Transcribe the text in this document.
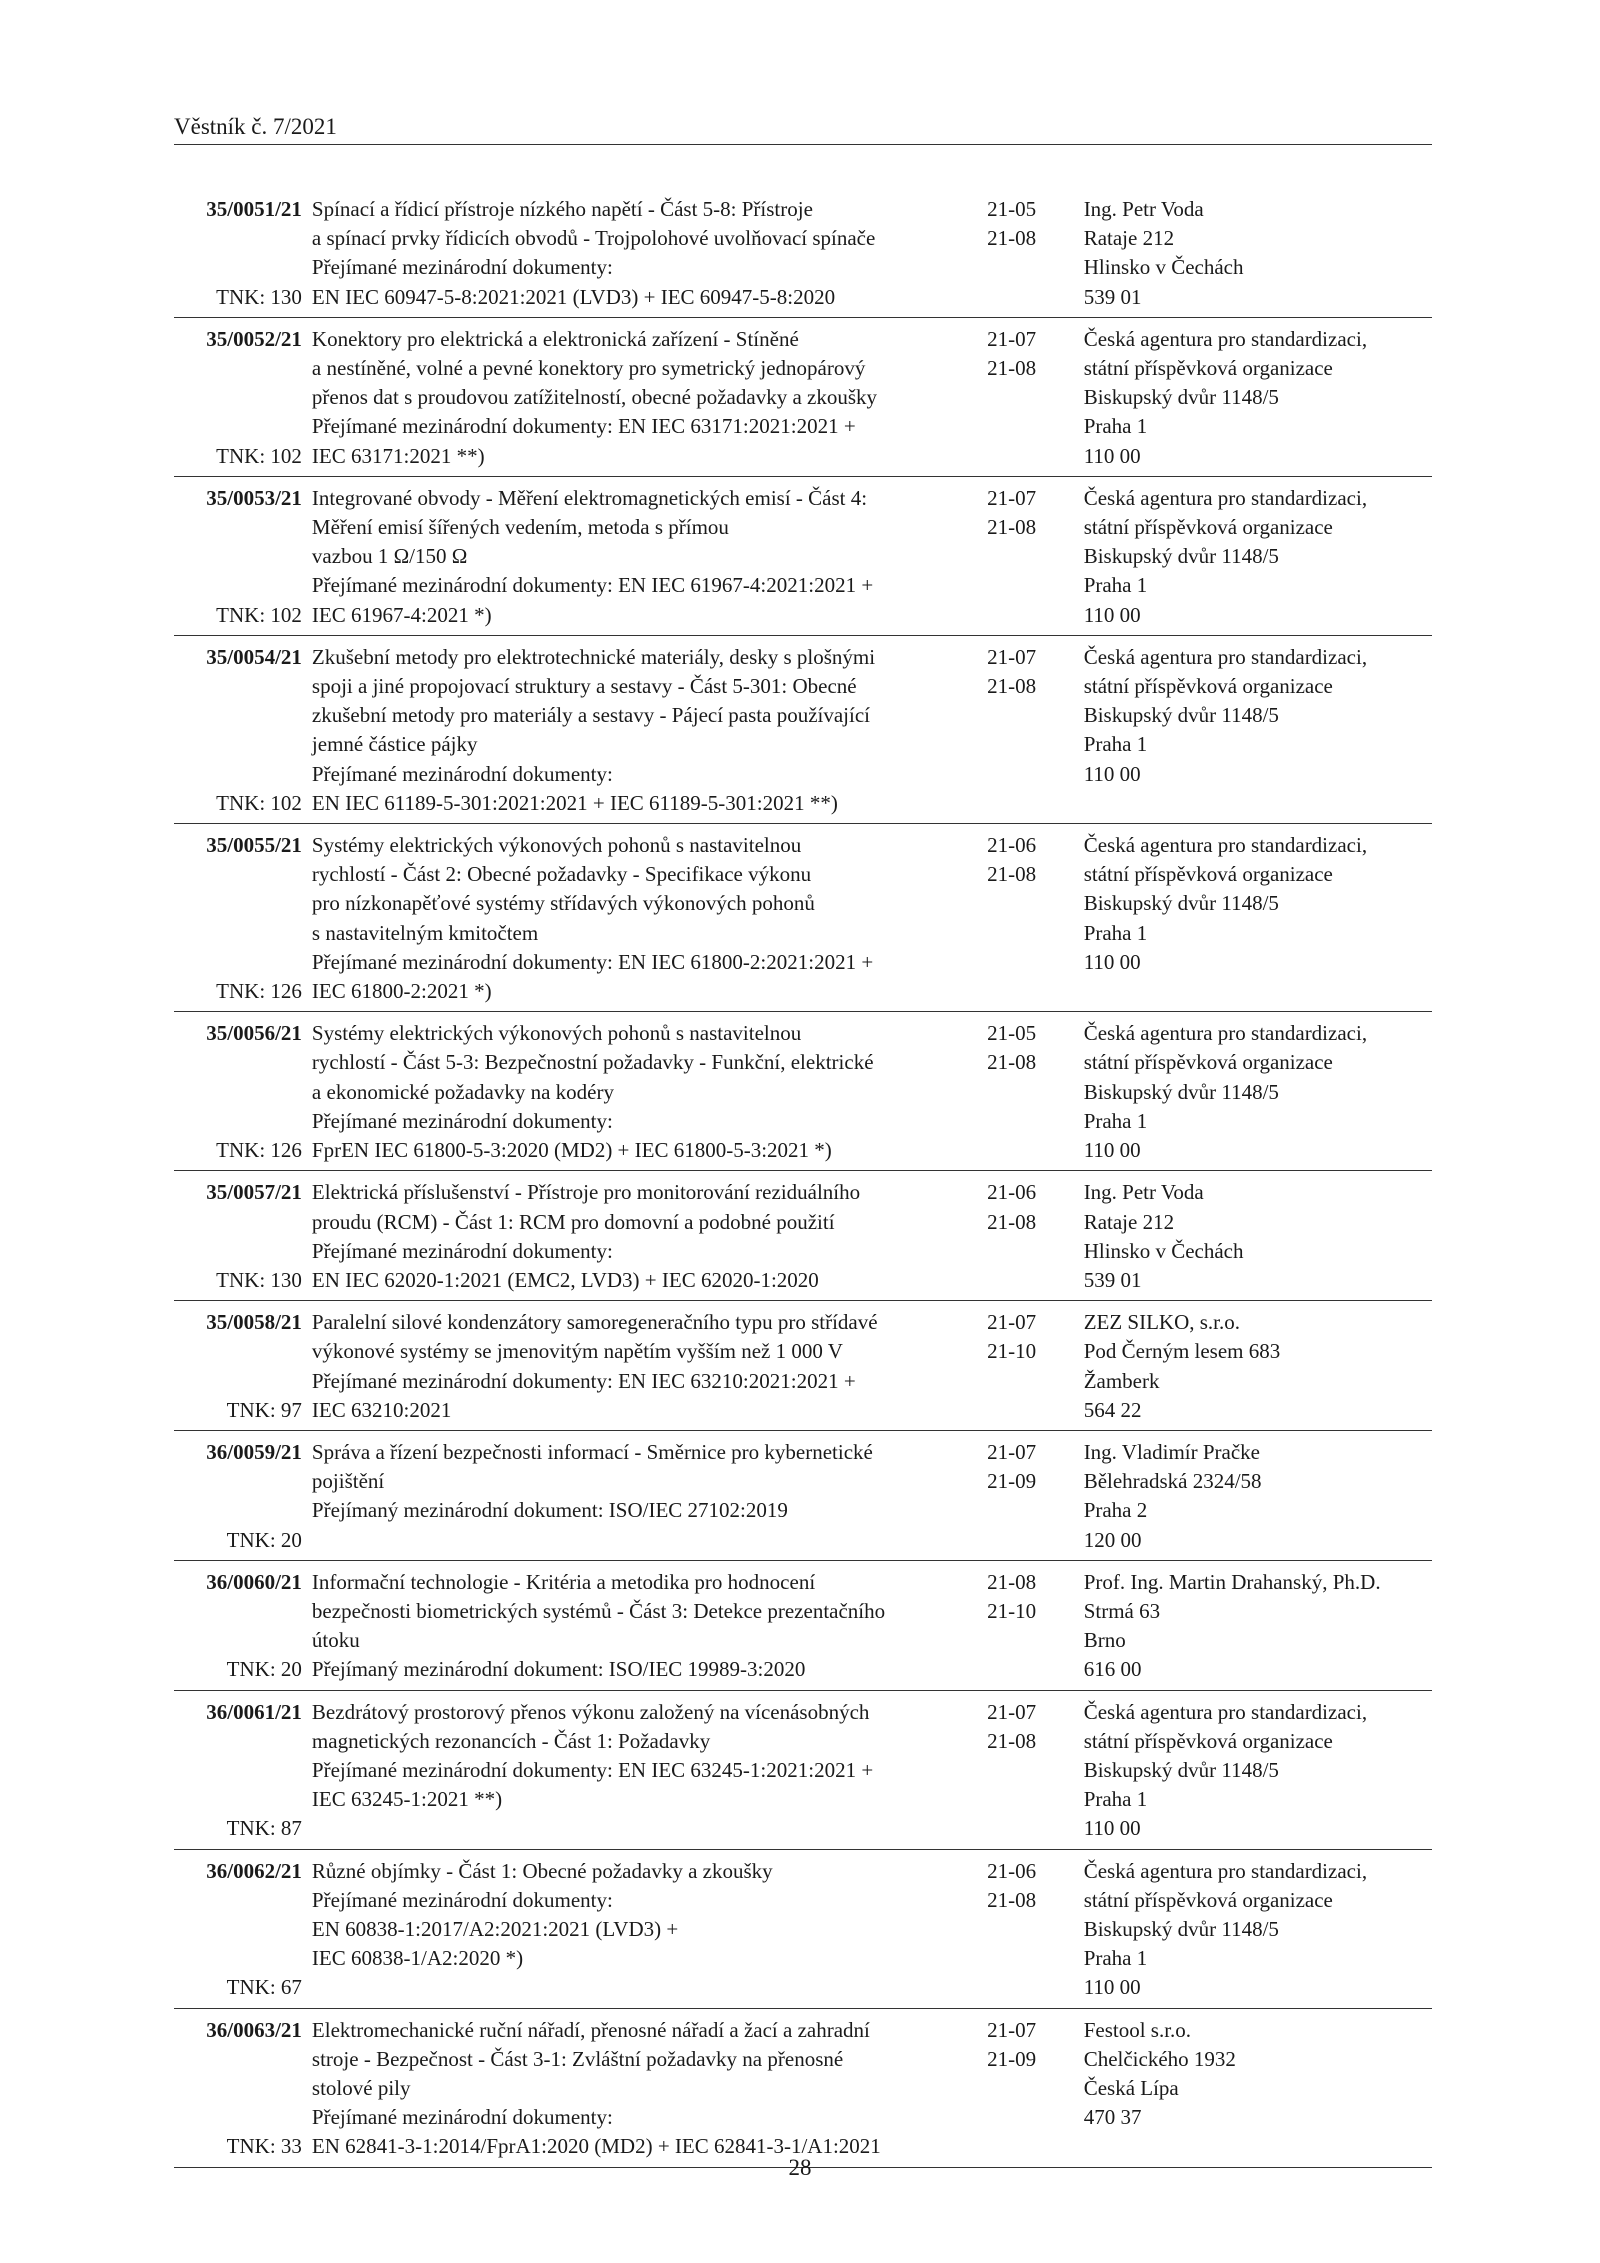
Věstník č. 7/2021
35/0051/21
TNK: 130
Spínací a řídicí přístroje nízkého napětí - Část 5-8: Přístroje
a spínací prvky řídicích obvodů - Trojpolohové uvolňovací spínače
Přejímané mezinárodní dokumenty:
EN IEC 60947-5-8:2021:2021 (LVD3) + IEC 60947-5-8:2020
21-05
21-08
Ing. Petr Voda
Rataje 212
Hlinsko v Čechách
539 01
35/0052/21
TNK: 102
Konektory pro elektrická a elektronická zařízení - Stíněné
a nestíněné, volné a pevné konektory pro symetrický jednopárový
přenos dat s proudovou zatížitelností, obecné požadavky a zkoušky
Přejímané mezinárodní dokumenty: EN IEC 63171:2021:2021 +
IEC 63171:2021 **)
21-07
21-08
Česká agentura pro standardizaci,
státní příspěvková organizace
Biskupský dvůr 1148/5
Praha 1
110 00
35/0053/21
TNK: 102
Integrované obvody - Měření elektromagnetických emisí - Část 4:
Měření emisí šířených vedením, metoda s přímou
vazbou 1 Ω/150 Ω
Přejímané mezinárodní dokumenty: EN IEC 61967-4:2021:2021 +
IEC 61967-4:2021 *)
21-07
21-08
Česká agentura pro standardizaci,
státní příspěvková organizace
Biskupský dvůr 1148/5
Praha 1
110 00
35/0054/21
TNK: 102
Zkušební metody pro elektrotechnické materiály, desky s plošnými
spoji a jiné propojovací struktury a sestavy - Část 5-301: Obecné
zkušební metody pro materiály a sestavy - Pájecí pasta používající
jemné částice pájky
Přejímané mezinárodní dokumenty:
EN IEC 61189-5-301:2021:2021 + IEC 61189-5-301:2021 **)
21-07
21-08
Česká agentura pro standardizaci,
státní příspěvková organizace
Biskupský dvůr 1148/5
Praha 1
110 00
35/0055/21
TNK: 126
Systémy elektrických výkonových pohonů s nastavitelnou
rychlostí - Část 2: Obecné požadavky - Specifikace výkonu
pro nízkonapěťové systémy střídavých výkonových pohonů
s nastavitelným kmitočtem
Přejímané mezinárodní dokumenty: EN IEC 61800-2:2021:2021 +
IEC 61800-2:2021 *)
21-06
21-08
Česká agentura pro standardizaci,
státní příspěvková organizace
Biskupský dvůr 1148/5
Praha 1
110 00
35/0056/21
TNK: 126
Systémy elektrických výkonových pohonů s nastavitelnou
rychlostí - Část 5-3: Bezpečnostní požadavky - Funkční, elektrické
a ekonomické požadavky na kodéry
Přejímané mezinárodní dokumenty:
FprEN IEC 61800-5-3:2020 (MD2) + IEC 61800-5-3:2021 *)
21-05
21-08
Česká agentura pro standardizaci,
státní příspěvková organizace
Biskupský dvůr 1148/5
Praha 1
110 00
35/0057/21
TNK: 130
Elektrická příslušenství - Přístroje pro monitorování reziduálního
proudu (RCM) - Část 1: RCM pro domovní a podobné použití
Přejímané mezinárodní dokumenty:
EN IEC 62020-1:2021 (EMC2, LVD3) + IEC 62020-1:2020
21-06
21-08
Ing. Petr Voda
Rataje 212
Hlinsko v Čechách
539 01
35/0058/21
TNK: 97
Paralelní silové kondenzátory samoregeneračního typu pro střídavé
výkonové systémy se jmenovitým napětím vyšším než 1 000 V
Přejímané mezinárodní dokumenty: EN IEC 63210:2021:2021 +
IEC 63210:2021
21-07
21-10
ZEZ SILKO, s.r.o.
Pod Černým lesem 683
Žamberk
564 22
36/0059/21
TNK: 20
Správa a řízení bezpečnosti informací - Směrnice pro kybernetické
pojištění
Přejímaný mezinárodní dokument: ISO/IEC 27102:2019
21-07
21-09
Ing. Vladimír Pračke
Bělehradská 2324/58
Praha 2
120 00
36/0060/21
TNK: 20
Informační technologie - Kritéria a metodika pro hodnocení
bezpečnosti biometrických systémů - Část 3: Detekce prezentačního
útoku
Přejímaný mezinárodní dokument: ISO/IEC 19989-3:2020
21-08
21-10
Prof. Ing. Martin Drahanský, Ph.D.
Strmá 63
Brno
616 00
36/0061/21
TNK: 87
Bezdrátový prostorový přenos výkonu založený na vícenásobných
magnetických rezonancích - Část 1: Požadavky
Přejímané mezinárodní dokumenty: EN IEC 63245-1:2021:2021 +
IEC 63245-1:2021 **)
21-07
21-08
Česká agentura pro standardizaci,
státní příspěvková organizace
Biskupský dvůr 1148/5
Praha 1
110 00
36/0062/21
TNK: 67
Různé objímky - Část 1: Obecné požadavky a zkoušky
Přejímané mezinárodní dokumenty:
EN 60838-1:2017/A2:2021:2021 (LVD3) +
IEC 60838-1/A2:2020 *)
21-06
21-08
Česká agentura pro standardizaci,
státní příspěvková organizace
Biskupský dvůr 1148/5
Praha 1
110 00
36/0063/21
TNK: 33
Elektromechanické ruční nářadí, přenosné nářadí a žací a zahradní
stroje - Bezpečnost - Část 3-1: Zvláštní požadavky na přenosné
stolové pily
Přejímané mezinárodní dokumenty:
EN 62841-3-1:2014/FprA1:2020 (MD2) + IEC 62841-3-1/A1:2021
21-07
21-09
Festool s.r.o.
Chelčického 1932
Česká Lípa
470 37
28
